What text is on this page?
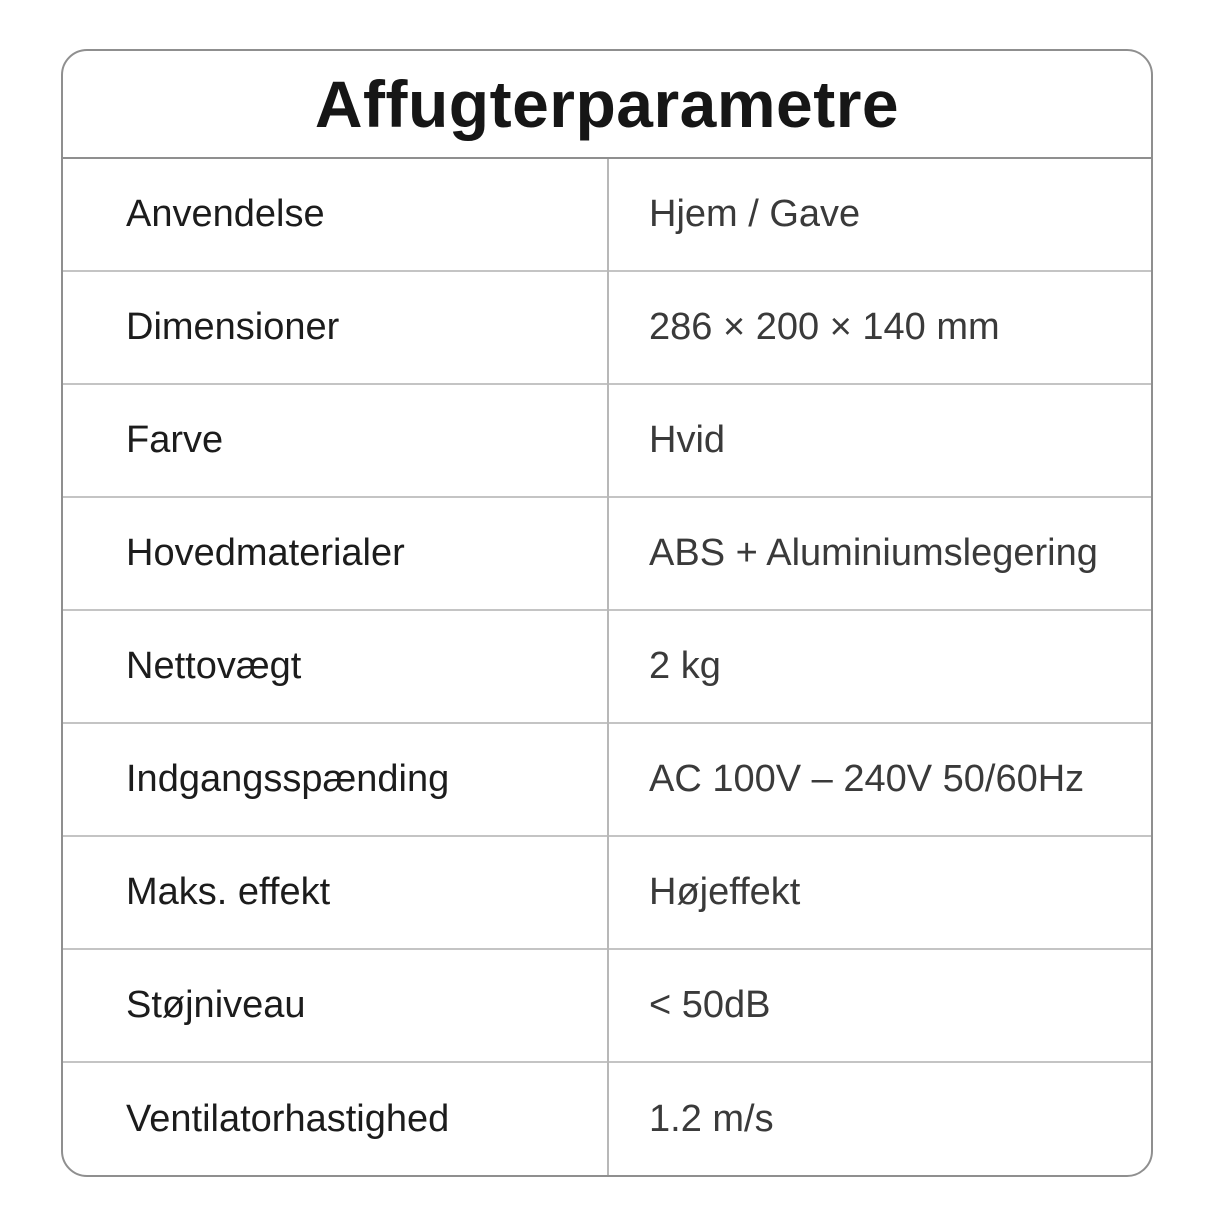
Affugterparametre
Anvendelse	Hjem / Gave
Dimensioner	286 × 200 × 140 mm
Farve	Hvid
Hovedmaterialer	ABS + Aluminiumslegering
Nettovægt	2 kg
Indgangsspænding	AC 100V – 240V 50/60Hz
Maks. effekt	Højeffekt
Støjniveau	< 50dB
Ventilatorhastighed	1.2 m/s
